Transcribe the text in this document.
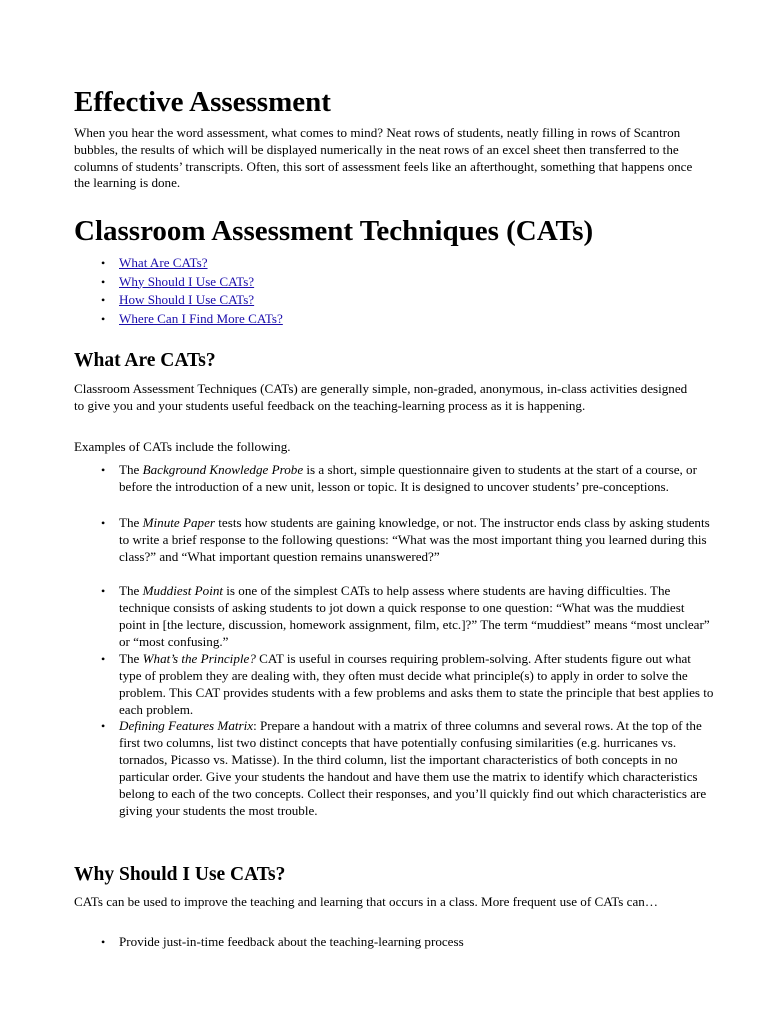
Effective Assessment

When you hear the word assessment, what comes to mind? Neat rows of students, neatly filling in rows of Scantron bubbles, the results of which will be displayed numerically in the neat rows of an excel sheet then transferred to the columns of students’ transcripts. Often, this sort of assessment feels like an afterthought, something that happens once the learning is done.

Classroom Assessment Techniques (CATs)
• What Are CATs?
• Why Should I Use CATs?
• How Should I Use CATs?
• Where Can I Find More CATs?
What Are CATs?

Classroom Assessment Techniques (CATs) are generally simple, non-graded, anonymous, in-class activities designed to give you and your students useful feedback on the teaching-learning process as it is happening.

Examples of CATs include the following.

• The Background Knowledge Probe is a short, simple questionnaire given to students at the start of a course, or before the introduction of a new unit, lesson or topic. It is designed to uncover students’ pre-conceptions.
• The Minute Paper tests how students are gaining knowledge, or not. The instructor ends class by asking students to write a brief response to the following questions: “What was the most important thing you learned during this class?” and “What important question remains unanswered?”
• The Muddiest Point is one of the simplest CATs to help assess where students are having difficulties. The technique consists of asking students to jot down a quick response to one question: “What was the muddiest point in [the lecture, discussion, homework assignment, film, etc.]?” The term “muddiest” means “most unclear” or “most confusing.”
• The What’s the Principle? CAT is useful in courses requiring problem-solving. After students figure out what type of problem they are dealing with, they often must decide what principle(s) to apply in order to solve the problem. This CAT provides students with a few problems and asks them to state the principle that best applies to each problem.
• Defining Features Matrix: Prepare a handout with a matrix of three columns and several rows. At the top of the first two columns, list two distinct concepts that have potentially confusing similarities (e.g. hurricanes vs. tornados, Picasso vs. Matisse). In the third column, list the important characteristics of both concepts in no particular order. Give your students the handout and have them use the matrix to identify which characteristics belong to each of the two concepts. Collect their responses, and you’ll quickly find out which characteristics are giving your students the most trouble.
Why Should I Use CATs?

CATs can be used to improve the teaching and learning that occurs in a class. More frequent use of CATs can…

• Provide just-in-time feedback about the teaching-learning process
